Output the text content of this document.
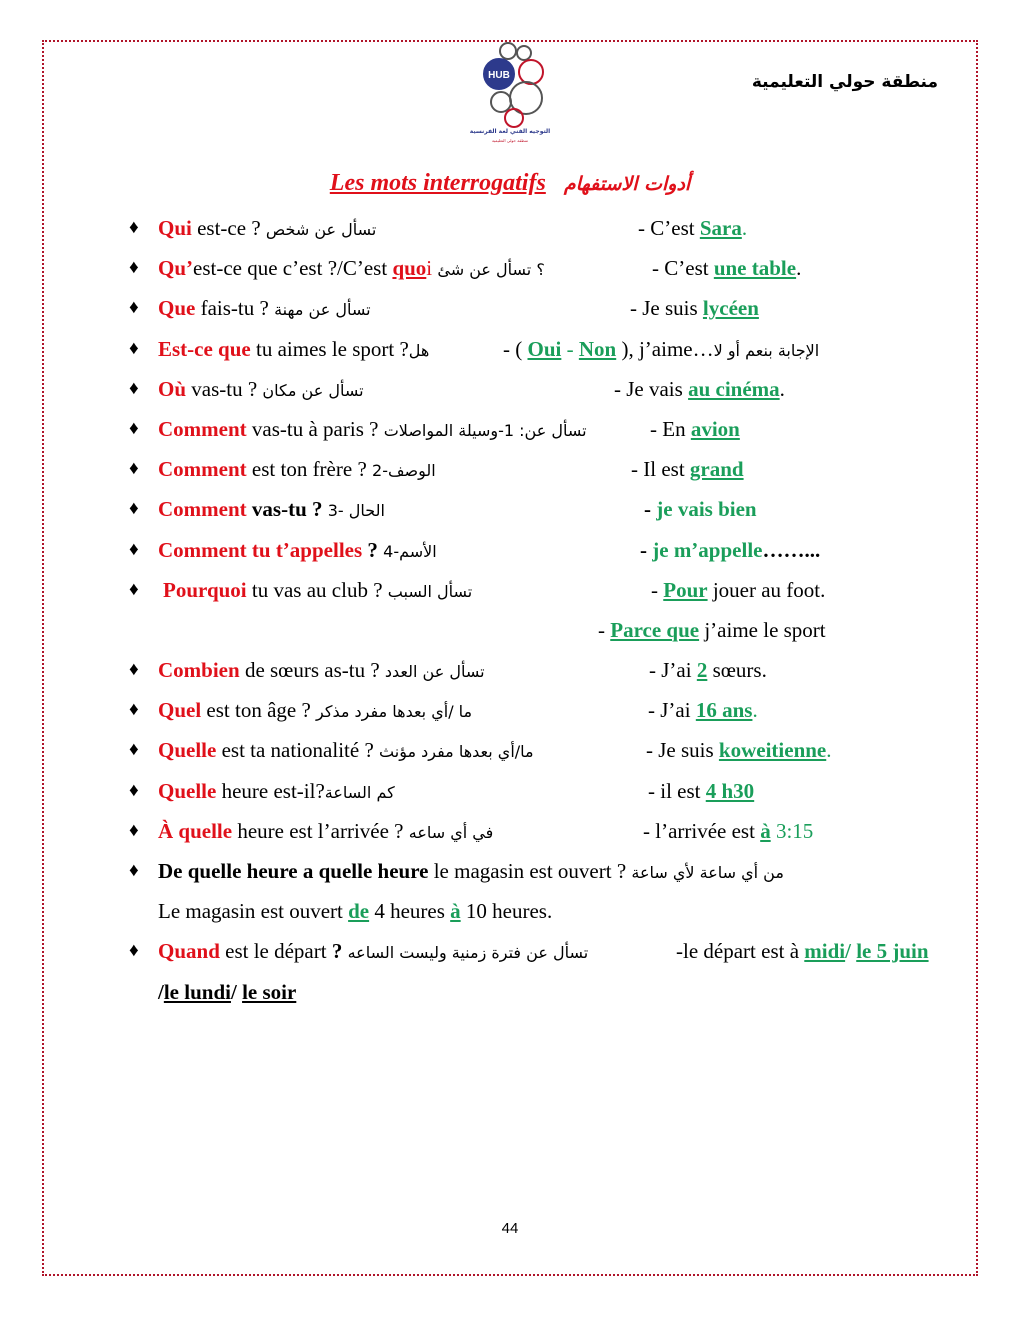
منطقة حولي التعليمية
HUB
التوجيه الفني لغة الفرنسية
منطقة حولي التعليمية
Les mots interrogatifs أدوات الاستفهام
♦ Qui est-ce ? تسأل عن شخص	- C’est Sara.
♦ Qu’est-ce que c’est ?/C’est quoi ؟ تسأل عن شئ	- C’est une table.
♦ Que fais-tu ? تسأل عن مهنة	- Je suis lycéen
♦ Est-ce que tu aimes le sport ?هل	- ( Oui - Non ), j’aime…الإجابة بنعم أو لا
♦ Où vas-tu ? تسأل عن مكان	- Je vais au cinéma.
♦ Comment vas-tu à paris ? تسأل عن: 1-وسيلة المواصلات	- En avion
♦ Comment est ton frère ? 2-الوصف	- Il est grand
♦ Comment vas-tu ? 3- الحال	- je vais bien
♦ Comment tu t’appelles ? 4-الأسم	- je m’appelle……...
♦ Pourquoi tu vas au club ? تسأل السبب	- Pour jouer au foot.
- Parce que j’aime le sport
♦ Combien de sœurs as-tu ? تسأل عن العدد	- J’ai 2 sœurs.
♦ Quel est ton âge ? ما /أي بعدها مفرد مذكر	- J’ai 16 ans.
♦ Quelle est ta nationalité ? ما/أي بعدها مفرد مؤنث	- Je suis koweitienne.
♦ Quelle heure est-il?كم الساعة	- il est 4 h30
♦ À quelle heure est l’arrivée ? في أي ساعه	- l’arrivée est à 3:15
♦ De quelle heure a quelle heure le magasin est ouvert ? من أي ساعة لأي ساعة
Le magasin est ouvert de 4 heures à 10 heures.
♦ Quand est le départ ? تسأل عن فترة زمنية وليست الساعه	-le départ est à midi/ le 5 juin
/le lundi/ le soir
44
